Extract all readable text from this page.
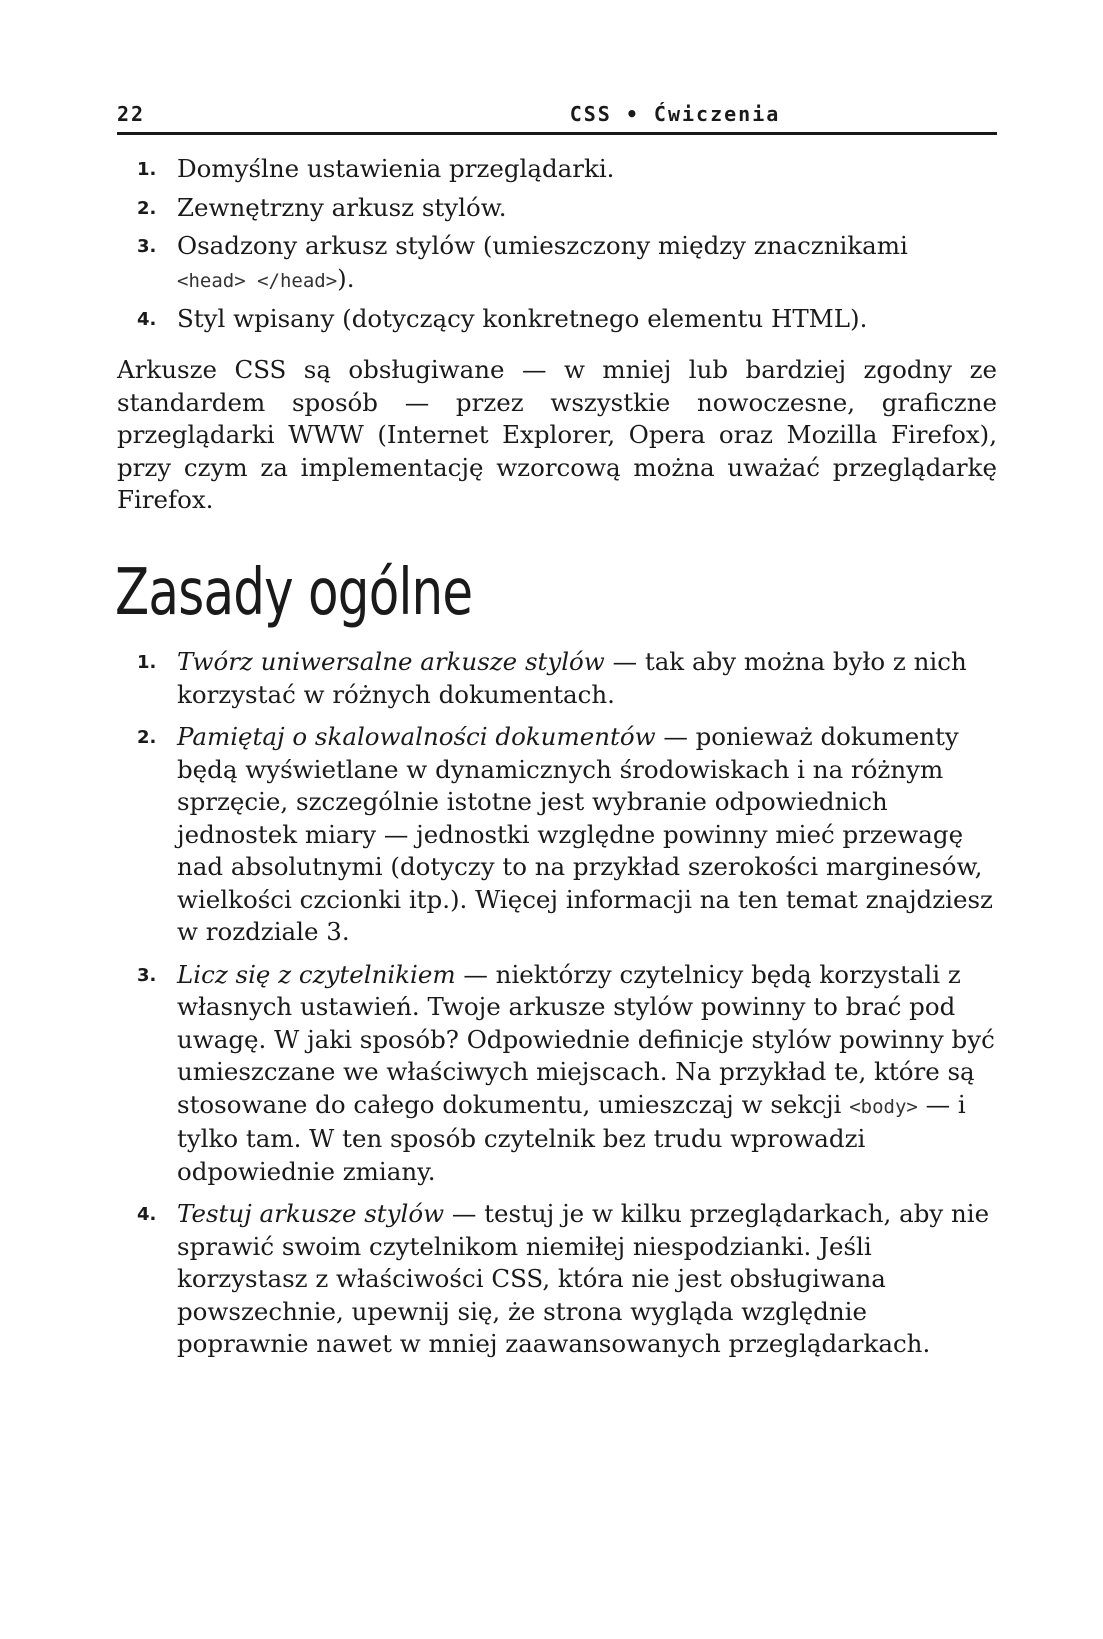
22	CSS • Ćwiczenia
1. Domyślne ustawienia przeglądarki.
2. Zewnętrzny arkusz stylów.
3. Osadzony arkusz stylów (umieszczony między znacznikami
<head> </head>).
4. Styl wpisany (dotyczący konkretnego elementu HTML).

Arkusze CSS są obsługiwane — w mniej lub bardziej zgodny ze standardem sposób — przez wszystkie nowoczesne, graficzne przeglądarki WWW (Internet Explorer, Opera oraz Mozilla Firefox), przy czym za implementację wzorcową można uważać przeglądarkę Firefox.

Zasady ogólne
1. Twórz uniwersalne arkusze stylów — tak aby można było z nich korzystać w różnych dokumentach.
2. Pamiętaj o skalowalności dokumentów — ponieważ dokumenty będą wyświetlane w dynamicznych środowiskach i na różnym sprzęcie, szczególnie istotne jest wybranie odpowiednich jednostek miary — jednostki względne powinny mieć przewagę nad absolutnymi (dotyczy to na przykład szerokości marginesów, wielkości czcionki itp.). Więcej informacji na ten temat znajdziesz w rozdziale 3.
3. Licz się z czytelnikiem — niektórzy czytelnicy będą korzystali z własnych ustawień. Twoje arkusze stylów powinny to brać pod uwagę. W jaki sposób? Odpowiednie definicje stylów powinny być umieszczane we właściwych miejscach. Na przykład te, które są stosowane do całego dokumentu, umieszczaj w sekcji <body> — i tylko tam. W ten sposób czytelnik bez trudu wprowadzi odpowiednie zmiany.
4. Testuj arkusze stylów — testuj je w kilku przeglądarkach, aby nie sprawić swoim czytelnikom niemiłej niespodzianki. Jeśli korzystasz z właściwości CSS, która nie jest obsługiwana powszechnie, upewnij się, że strona wygląda względnie poprawnie nawet w mniej zaawansowanych przeglądarkach.
